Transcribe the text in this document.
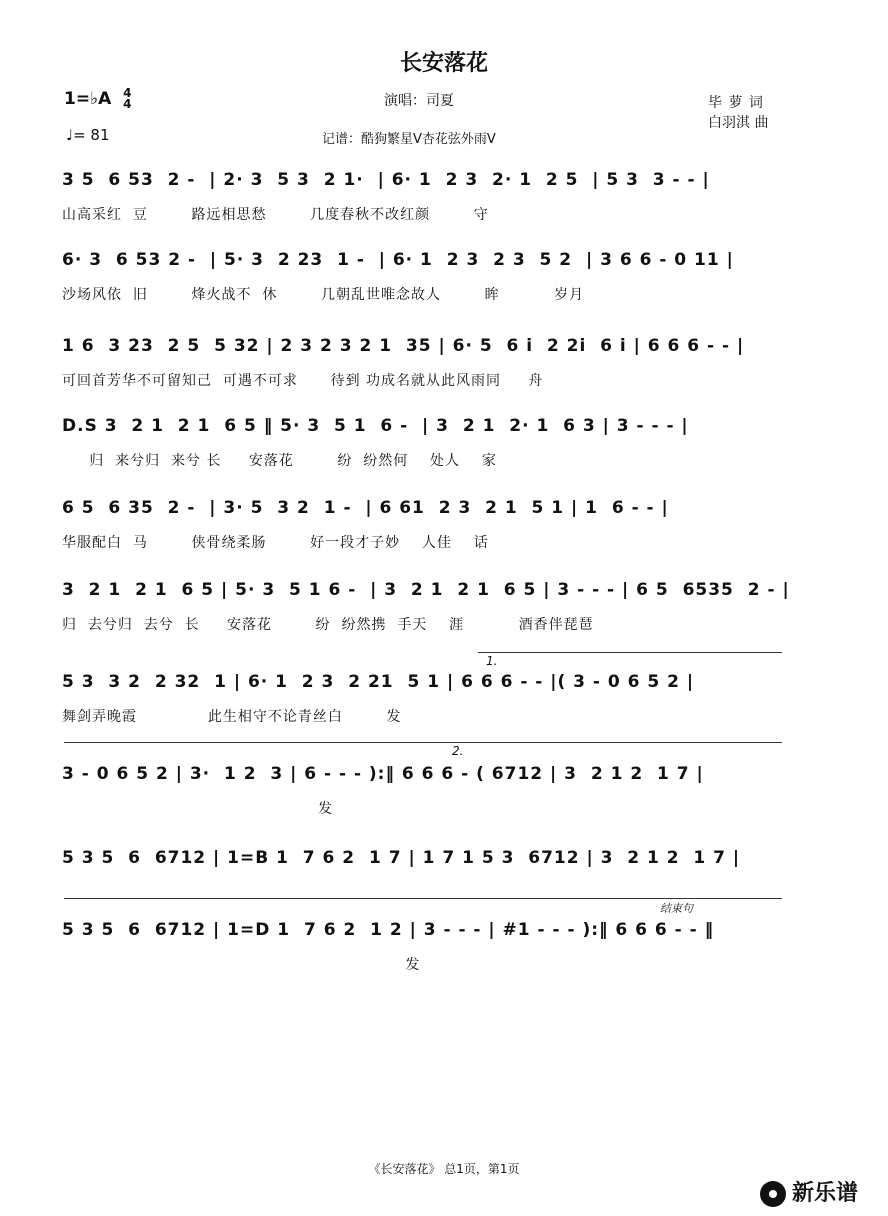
长安落花
1=♭A 4
4	演唱：司夏	毕 萝 词
白羽淇 曲
♩= 81	记谱：酷狗繁星V杏花弦外雨V
1.
2.
结束句
3 5  6 53  2 -  | 2· 3  5 3  2 1·  | 6· 1  2 3  2· 1  2 5  | 5 3  3 - - |
山高采红  豆        路远相思愁        几度春秋不改红颜        守
6· 3  6 53 2 -  | 5· 3  2 23  1 -  | 6· 1  2 3  2 3  5 2  | 3 6 6 - 0 11 |
沙场风依  旧        烽火战不  休        几朝乱世唯念故人        眸          岁月
1 6  3 23  2 5  5 32 | 2 3 2 3 2 1  35 | 6· 5  6 i  2 2i  6 i | 6 6 6 - - |
可回首芳华不可留知己  可遇不可求      待到 功成名就从此风雨同     舟
D.S 3  2 1  2 1  6 5 ‖ 5· 3  5 1  6 -  | 3  2 1  2· 1  6 3 | 3 - - - |
归  来兮归  来兮 长     安落花        纷  纷然何    处人    家
6 5  6 35  2 -  | 3· 5  3 2  1 -  | 6 61  2 3  2 1  5 1 | 1  6 - - |
华服配白  马        侠骨绕柔肠        好一段才子妙    人佳    话
3  2 1  2 1  6 5 | 5· 3  5 1 6 -  | 3  2 1  2 1  6 5 | 3 - - - | 6 5  6535  2 - |
归  去兮归  去兮  长     安落花        纷  纷然携  手天    涯          酒香伴琵琶
5 3  3 2  2 32  1 | 6· 1  2 3  2 21  5 1 | 6 6 6 - - |( 3 - 0 6 5 2 |
舞剑弄晚霞             此生相守不论青丝白        发
3 - 0 6 5 2 | 3·  1 2  3 | 6 - - - ):‖ 6 6 6 - ( 6712 | 3  2 1 2  1 7 |
发
5 3 5  6  6712 | 1=B 1  7 6 2  1 7 | 1 7 1 5 3  6712 | 3  2 1 2  1 7 |
5 3 5  6  6712 | 1=D 1  7 6 2  1 2 | 3 - - - | #1 - - - ):‖ 6 6 6 - - ‖
发
《长安落花》 总1页，第1页
新乐谱
